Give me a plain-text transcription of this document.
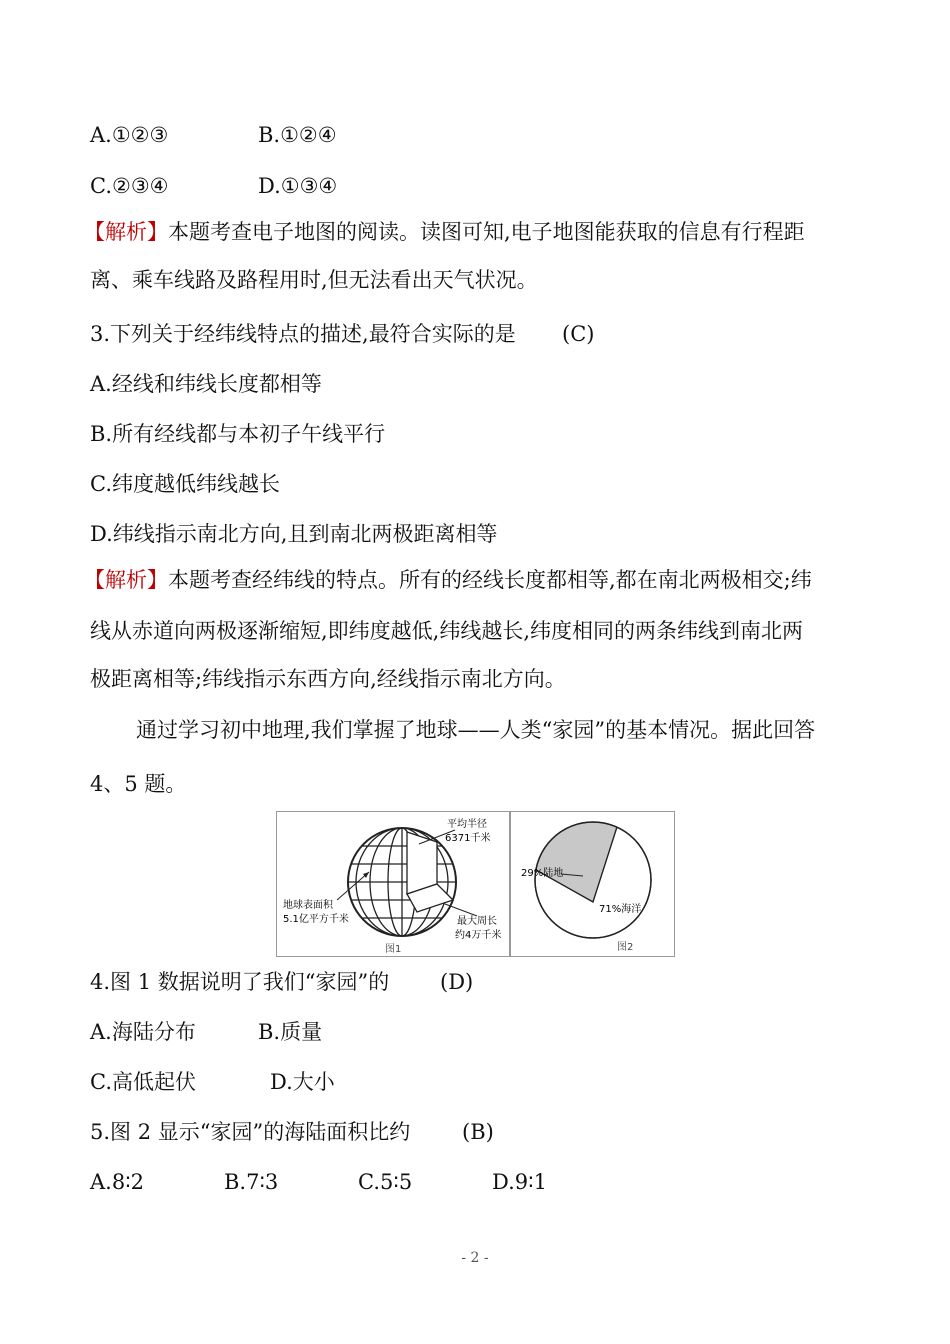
A.①②③	B.①②④
C.②③④	D.①③④
【解析】本题考查电子地图的阅读。读图可知,电子地图能获取的信息有行程距
离、乘车线路及路程用时,但无法看出天气状况。
3.下列关于经纬线特点的描述,最符合实际的是 (C)
A.经线和纬线长度都相等
B.所有经线都与本初子午线平行
C.纬度越低纬线越长
D.纬线指示南北方向,且到南北两极距离相等
【解析】本题考查经纬线的特点。所有的经线长度都相等,都在南北两极相交;纬
线从赤道向两极逐渐缩短,即纬度越低,纬线越长,纬度相同的两条纬线到南北两
极距离相等;纬线指示东西方向,经线指示南北方向。
通过学习初中地理,我们掌握了地球——人类“家园”的基本情况。据此回答
4、5 题。
平均半径
6371千米
地球表面积
5.1亿平方千米	最大周长
约4万千米
图1
29%陆地
71%海洋
图2
4.图 1 数据说明了我们“家园”的 (D)
A.海陆分布	B.质量
C.高低起伏	D.大小
5.图 2 显示“家园”的海陆面积比约 (B)
A.8∶2	B.7∶3	C.5∶5	D.9∶1
- 2 -
